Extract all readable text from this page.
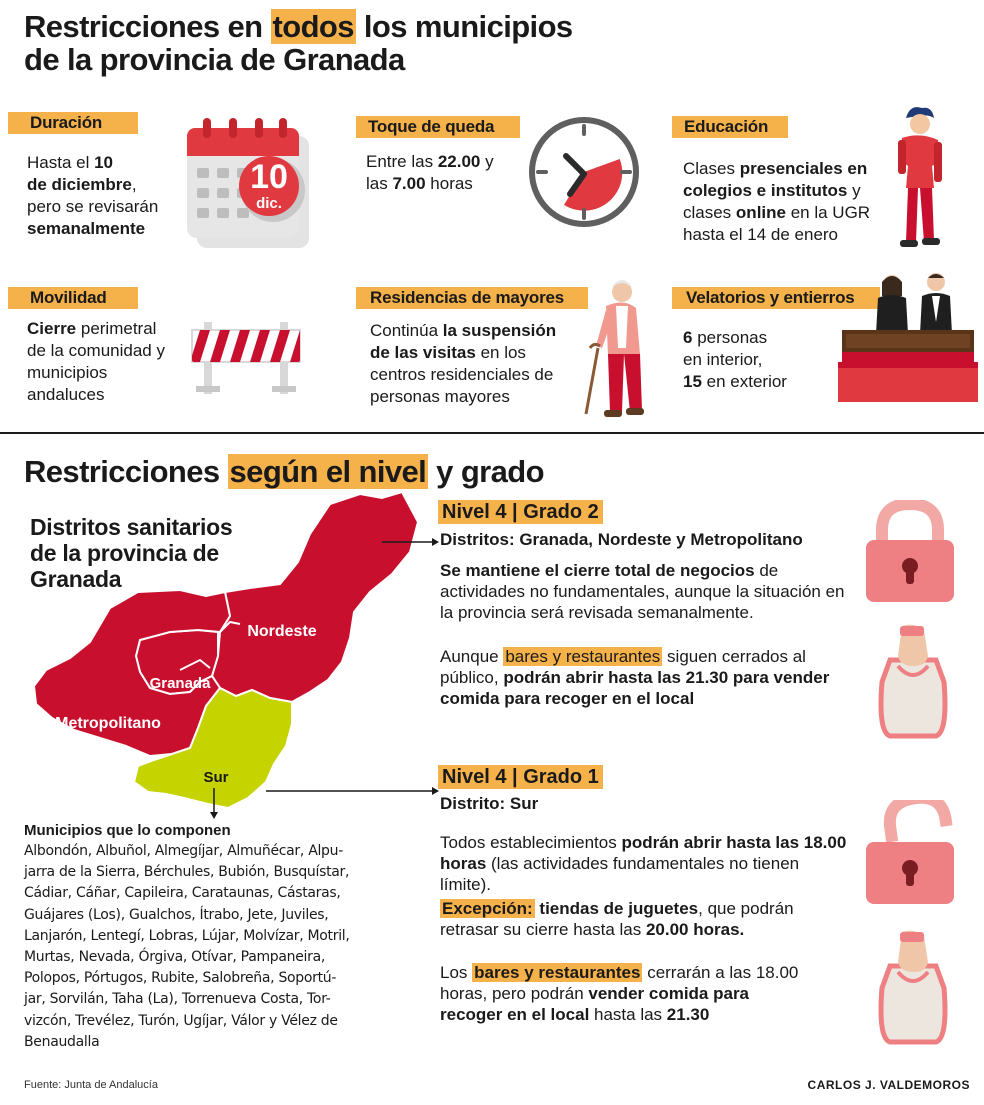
Restricciones en todos los municipios
de la provincia de Granada
Duración
Hasta el 10
de diciembre,
pero se revisarán
semanalmente
10
dic.
Toque de queda
Entre las 22.00 y
las 7.00 horas
Educación
Clases presenciales en
colegios e institutos y
clases online en la UGR
hasta el 14 de enero
Movilidad
Cierre perimetral
de la comunidad y
municipios
andaluces
Residencias de mayores
Continúa la suspensión
de las visitas en los
centros residenciales de
personas mayores
Velatorios y entierros
6 personas
en interior,
15 en exterior
Restricciones según el nivel y grado
Distritos sanitarios
de la provincia de
Granada
Nordeste
Granada
Metropolitano
Sur
Municipios que lo componen
Albondón, Albuñol, Almegíjar, Almuñécar, Alpu-
jarra de la Sierra, Bérchules, Bubión, Busquístar,
Cádiar, Cáñar, Capileira, Carataunas, Cástaras,
Guájares (Los), Gualchos, Ítrabo, Jete, Juviles,
Lanjarón, Lentegí, Lobras, Lújar, Molvízar, Motril,
Murtas, Nevada, Órgiva, Otívar, Pampaneira,
Polopos, Pórtugos, Rubite, Salobreña, Soportú-
jar, Sorvilán, Taha (La), Torrenueva Costa, Tor-
vizcón, Trevélez, Turón, Ugíjar, Válor y Vélez de
Benaudalla
Nivel 4 | Grado 2
Distritos: Granada, Nordeste y Metropolitano
Se mantiene el cierre total de negocios de actividades no fundamentales, aunque la situación en la provincia será revisada semanalmente.
Aunque bares y restaurantes siguen cerrados al público, podrán abrir hasta las 21.30 para vender comida para recoger en el local
Nivel 4 | Grado 1
Distrito: Sur
Todos establecimientos podrán abrir hasta las 18.00 horas (las actividades fundamentales no tienen límite).
Excepción: tiendas de juguetes, que podrán retrasar su cierre hasta las 20.00 horas.
Los bares y restaurantes cerrarán a las 18.00 horas, pero podrán vender comida para recoger en el local hasta las 21.30
Fuente: Junta de Andalucía	CARLOS J. VALDEMOROS
